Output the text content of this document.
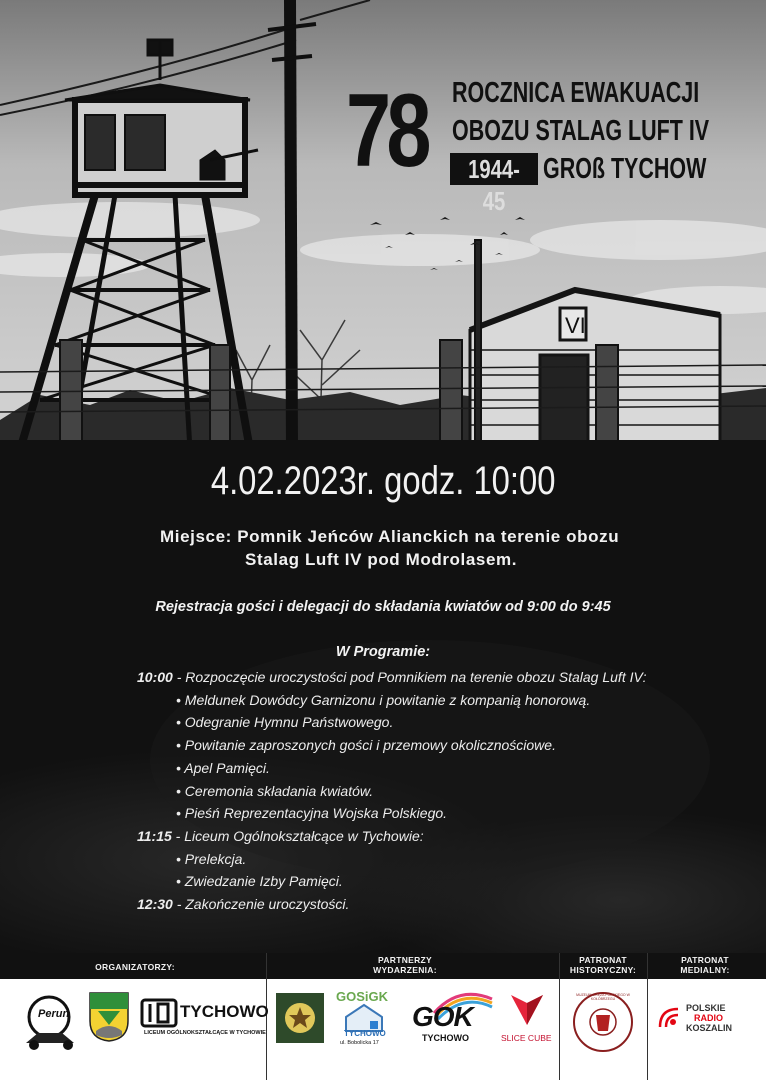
VI
78 ROCZNICA EWAKUACJI
OBOZU STALAG LUFT IV
1944-45
GROß TYCHOW
4.02.2023r. godz. 10:00
Miejsce: Pomnik Jeńców Alianckich na terenie obozu
Stalag Luft IV pod Modrolasem.
Rejestracja gości i delegacji do składania kwiatów od 9:00 do 9:45
W Programie:
10:00 - Rozpoczęcie uroczystości pod Pomnikiem na terenie obozu Stalag Luft IV:
• Meldunek Dowódcy Garnizonu i powitanie z kompanią honorową.
• Odegranie Hymnu Państwowego.
• Powitanie zaproszonych gości i przemowy okolicznościowe.
• Apel Pamięci.
• Ceremonia składania kwiatów.
• Pieśń Reprezentacyjna Wojska Polskiego.
11:15 - Liceum Ogólnokształcące w Tychowie:
• Prelekcja.
• Zwiedzanie Izby Pamięci.
12:30 - Zakończenie uroczystości.
ORGANIZATORZY:
PARTNERZY
WYDARZENIA:
PATRONAT
HISTORYCZNY:
PATRONAT
MEDIALNY:
Perun	TYCHOWO
LICEUM OGÓLNOKSZTAŁCĄCE W TYCHOWIE
GOSiGK
TYCHOWO
ul. Bobolicka 17
GOK
TYCHOWO	SLICE CUBE
MUZEUM ORĘŻA POLSKIEGO W KOŁOBRZEGU
POLSKIE
RADIO
KOSZALIN
